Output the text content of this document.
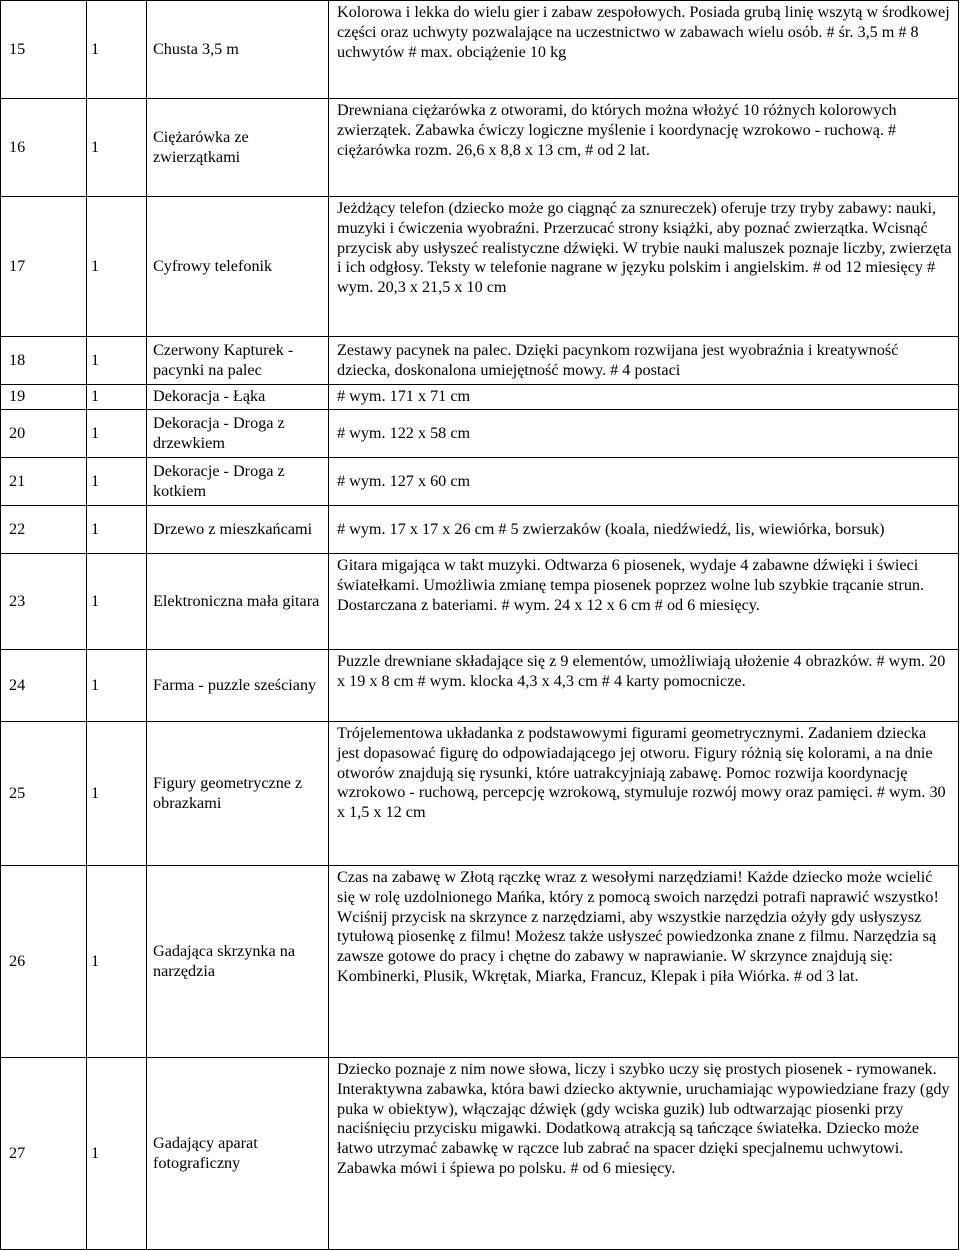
15	1	Chusta 3,5 m	Kolorowa i lekka do wielu gier i zabaw zespołowych. Posiada grubą linię wszytą w środkowej części oraz uchwyty pozwalające na uczestnictwo w zabawach wielu osób. # śr. 3,5 m # 8 uchwytów # max. obciążenie 10 kg
16	1	Ciężarówka ze zwierzątkami	Drewniana ciężarówka z otworami, do których można włożyć 10 różnych kolorowych zwierzątek. Zabawka ćwiczy logiczne myślenie i koordynację wzrokowo - ruchową. # ciężarówka rozm. 26,6 x 8,8 x 13 cm, # od 2 lat.
17	1	Cyfrowy telefonik	Jeżdżący telefon (dziecko może go ciągnąć za sznureczek) oferuje trzy tryby zabawy: nauki, muzyki i ćwiczenia wyobraźni. Przerzucać strony książki, aby poznać zwierzątka. Wcisnąć przycisk aby usłyszeć realistyczne dźwięki. W trybie nauki maluszek poznaje liczby, zwierzęta i ich odgłosy. Teksty w telefonie nagrane w języku polskim i angielskim. # od 12 miesięcy # wym. 20,3 x 21,5 x 10 cm
18	1	Czerwony Kapturek - pacynki na palec	Zestawy pacynek na palec. Dzięki pacynkom rozwijana jest wyobraźnia i kreatywność dziecka, doskonalona umiejętność mowy. # 4 postaci
19	1	Dekoracja - Łąka	# wym. 171 x 71 cm
20	1	Dekoracja - Droga z drzewkiem	# wym. 122 x 58 cm
21	1	Dekoracje - Droga z kotkiem	# wym. 127 x 60 cm
22	1	Drzewo z mieszkańcami	# wym. 17 x 17 x 26 cm # 5 zwierzaków (koala, niedźwiedź, lis, wiewiórka, borsuk)
23	1	Elektroniczna mała gitara	Gitara migająca w takt muzyki. Odtwarza 6 piosenek, wydaje 4 zabawne dźwięki i świeci światełkami. Umożliwia zmianę tempa piosenek poprzez wolne lub szybkie trącanie strun. Dostarczana z bateriami. # wym. 24 x 12 x 6 cm # od 6 miesięcy.
24	1	Farma - puzzle sześciany	Puzzle drewniane składające się z 9 elementów, umożliwiają ułożenie 4 obrazków. # wym. 20 x 19 x 8 cm # wym. klocka 4,3 x 4,3 cm # 4 karty pomocnicze.
25	1	Figury geometryczne z obrazkami	Trójelementowa układanka z podstawowymi figurami geometrycznymi. Zadaniem dziecka jest dopasować figurę do odpowiadającego jej otworu. Figury różnią się kolorami, a na dnie otworów znajdują się rysunki, które uatrakcyjniają zabawę. Pomoc rozwija koordynację wzrokowo - ruchową, percepcję wzrokową, stymuluje rozwój mowy oraz pamięci. # wym. 30 x 1,5 x 12 cm
26	1	Gadająca skrzynka na narzędzia	Czas na zabawę w Złotą rączkę wraz z wesołymi narzędziami! Każde dziecko może wcielić się w rolę uzdolnionego Mańka, który z pomocą swoich narzędzi potrafi naprawić wszystko! Wciśnij przycisk na skrzynce z narzędziami, aby wszystkie narzędzia ożyły gdy usłyszysz tytułową piosenkę z filmu! Możesz także usłyszeć powiedzonka znane z filmu. Narzędzia są zawsze gotowe do pracy i chętne do zabawy w naprawianie. W skrzynce znajdują się: Kombinerki, Plusik, Wkrętak, Miarka, Francuz, Klepak i piła Wiórka. # od 3 lat.
27	1	Gadający aparat fotograficzny	Dziecko poznaje z nim nowe słowa, liczy i szybko uczy się prostych piosenek - rymowanek. Interaktywna zabawka, która bawi dziecko aktywnie, uruchamiając wypowiedziane frazy (gdy puka w obiektyw), włączając dźwięk (gdy wciska guzik) lub odtwarzając piosenki przy naciśnięciu przycisku migawki. Dodatkową atrakcją są tańczące światełka. Dziecko może łatwo utrzymać zabawkę w rączce lub zabrać na spacer dzięki specjalnemu uchwytowi. Zabawka mówi i śpiewa po polsku. # od 6 miesięcy.
